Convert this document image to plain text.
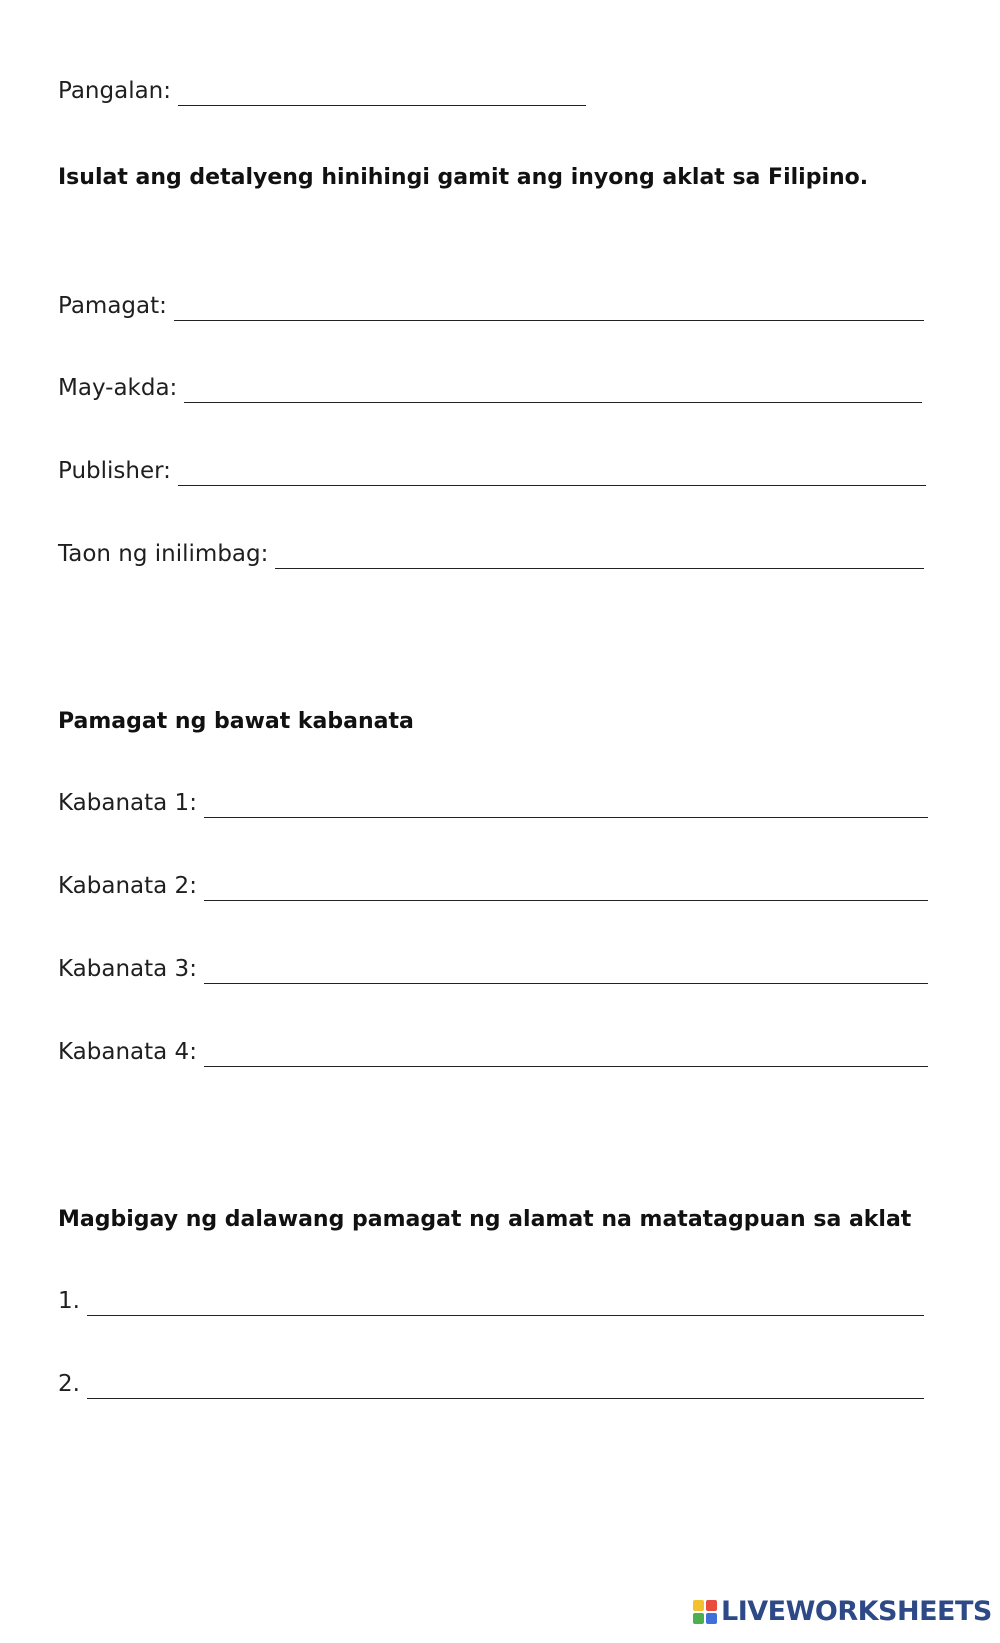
Pangalan:
Isulat ang detalyeng hinihingi gamit ang inyong aklat sa Filipino.
Pamagat:
May-akda:
Publisher:
Taon ng inilimbag:
Pamagat ng bawat kabanata
Kabanata 1:
Kabanata 2:
Kabanata 3:
Kabanata 4:
Magbigay ng dalawang pamagat ng alamat na matatagpuan sa aklat
1.
2.
LIVEWORKSHEETS
